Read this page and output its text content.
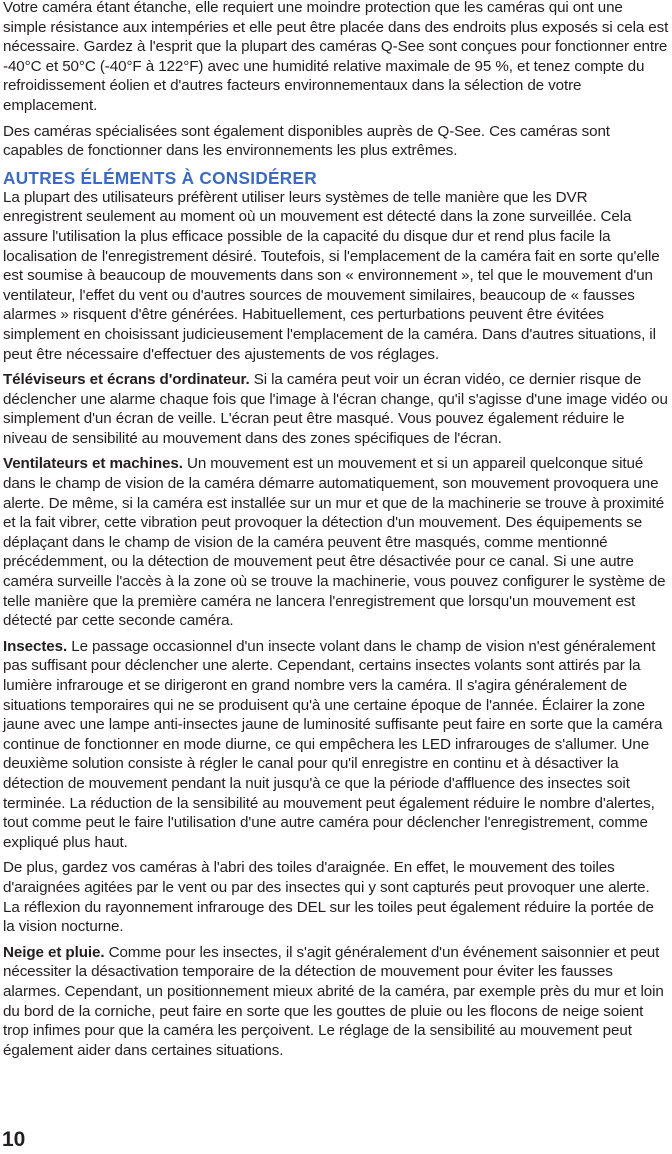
Votre caméra étant étanche, elle requiert une moindre protection que les caméras qui ont une simple résistance aux intempéries et elle peut être placée dans des endroits plus exposés si cela est nécessaire. Gardez à l'esprit que la plupart des caméras Q-See sont conçues pour fonctionner entre -40°C et 50°C (-40°F à 122°F) avec une humidité relative maximale de 95 %, et tenez compte du refroidissement éolien et d'autres facteurs environnementaux dans la sélection de votre emplacement.

Des caméras spécialisées sont également disponibles auprès de Q-See. Ces caméras sont capables de fonctionner dans les environnements les plus extrêmes.

AUTRES ÉLÉMENTS À CONSIDÉRER

La plupart des utilisateurs préfèrent utiliser leurs systèmes de telle manière que les DVR enregistrent seulement au moment où un mouvement est détecté dans la zone surveillée. Cela assure l'utilisation la plus efficace possible de la capacité du disque dur et rend plus facile la localisation de l'enregistrement désiré. Toutefois, si l'emplacement de la caméra fait en sorte qu'elle est soumise à beaucoup de mouvements dans son « environnement », tel que le mouvement d'un ventilateur, l'effet du vent ou d'autres sources de mouvement similaires, beaucoup de « fausses alarmes » risquent d'être générées. Habituellement, ces perturbations peuvent être évitées simplement en choisissant judicieusement l'emplacement de la caméra. Dans d'autres situations, il peut être nécessaire d'effectuer des ajustements de vos réglages.

Téléviseurs et écrans d'ordinateur. Si la caméra peut voir un écran vidéo, ce dernier risque de déclencher une alarme chaque fois que l'image à l'écran change, qu'il s'agisse d'une image vidéo ou simplement d'un écran de veille. L'écran peut être masqué. Vous pouvez également réduire le niveau de sensibilité au mouvement dans des zones spécifiques de l'écran.

Ventilateurs et machines. Un mouvement est un mouvement et si un appareil quelconque situé dans le champ de vision de la caméra démarre automatiquement, son mouvement provoquera une alerte. De même, si la caméra est installée sur un mur et que de la machinerie se trouve à proximité et la fait vibrer, cette vibration peut provoquer la détection d'un mouvement. Des équipements se déplaçant dans le champ de vision de la caméra peuvent être masqués, comme mentionné précédemment, ou la détection de mouvement peut être désactivée pour ce canal. Si une autre caméra surveille l'accès à la zone où se trouve la machinerie, vous pouvez configurer le système de telle manière que la première caméra ne lancera l'enregistrement que lorsqu'un mouvement est détecté par cette seconde caméra.

Insectes. Le passage occasionnel d'un insecte volant dans le champ de vision n'est généralement pas suffisant pour déclencher une alerte. Cependant, certains insectes volants sont attirés par la lumière infrarouge et se dirigeront en grand nombre vers la caméra. Il s'agira généralement de situations temporaires qui ne se produisent qu'à une certaine époque de l'année. Éclairer la zone jaune avec une lampe anti-insectes jaune de luminosité suffisante peut faire en sorte que la caméra continue de fonctionner en mode diurne, ce qui empêchera les LED infrarouges de s'allumer. Une deuxième solution consiste à régler le canal pour qu'il enregistre en continu et à désactiver la détection de mouvement pendant la nuit jusqu'à ce que la période d'affluence des insectes soit terminée. La réduction de la sensibilité au mouvement peut également réduire le nombre d'alertes, tout comme peut le faire l'utilisation d'une autre caméra pour déclencher l'enregistrement, comme expliqué plus haut.

De plus, gardez vos caméras à l'abri des toiles d'araignée. En effet, le mouvement des toiles d'araignées agitées par le vent ou par des insectes qui y sont capturés peut provoquer une alerte. La réflexion du rayonnement infrarouge des DEL sur les toiles peut également réduire la portée de la vision nocturne.

Neige et pluie. Comme pour les insectes, il s'agit généralement d'un événement saisonnier et peut nécessiter la désactivation temporaire de la détection de mouvement pour éviter les fausses alarmes. Cependant, un positionnement mieux abrité de la caméra, par exemple près du mur et loin du bord de la corniche, peut faire en sorte que les gouttes de pluie ou les flocons de neige soient trop infimes pour que la caméra les perçoivent. Le réglage de la sensibilité au mouvement peut également aider dans certaines situations.

10
